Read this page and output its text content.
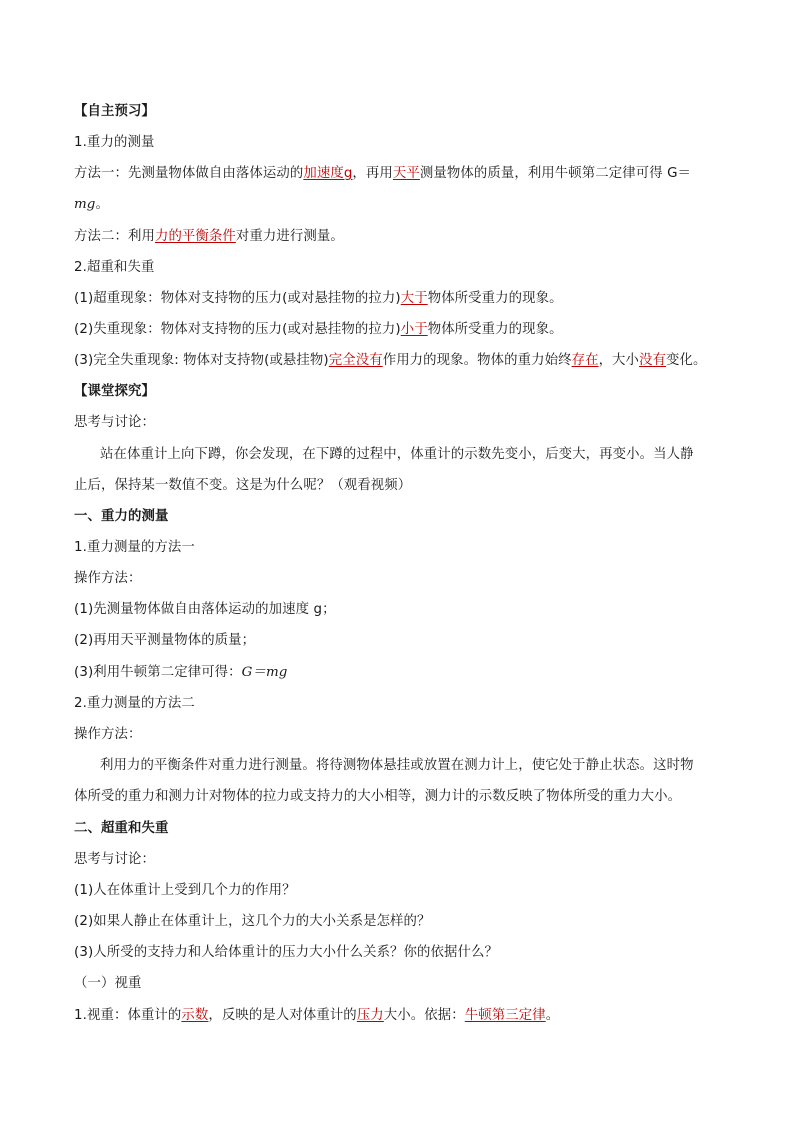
【自主预习】
1.重力的测量
方法一：先测量物体做自由落体运动的加速度g，再用天平测量物体的质量，利用牛顿第二定律可得 G＝
mg。
方法二：利用力的平衡条件对重力进行测量。
2.超重和失重
(1)超重现象：物体对支持物的压力(或对悬挂物的拉力)大于物体所受重力的现象。
(2)失重现象：物体对支持物的压力(或对悬挂物的拉力)小于物体所受重力的现象。
(3)完全失重现象: 物体对支持物(或悬挂物)完全没有作用力的现象。物体的重力始终存在，大小没有变化。
【课堂探究】
思考与讨论：
站在体重计上向下蹲，你会发现，在下蹲的过程中，体重计的示数先变小，后变大，再变小。当人静
止后，保持某一数值不变。这是为什么呢？（观看视频）
一、重力的测量
1.重力测量的方法一
操作方法：
(1)先测量物体做自由落体运动的加速度 g；
(2)再用天平测量物体的质量；
(3)利用牛顿第二定律可得：G＝mg
2.重力测量的方法二
操作方法：
利用力的平衡条件对重力进行测量。将待测物体悬挂或放置在测力计上，使它处于静止状态。这时物
体所受的重力和测力计对物体的拉力或支持力的大小相等，测力计的示数反映了物体所受的重力大小。
二、超重和失重
思考与讨论：
(1)人在体重计上受到几个力的作用？
(2)如果人静止在体重计上，这几个力的大小关系是怎样的？
(3)人所受的支持力和人给体重计的压力大小什么关系？你的依据什么？
（一）视重
1.视重：体重计的示数，反映的是人对体重计的压力大小。依据：牛顿第三定律。
